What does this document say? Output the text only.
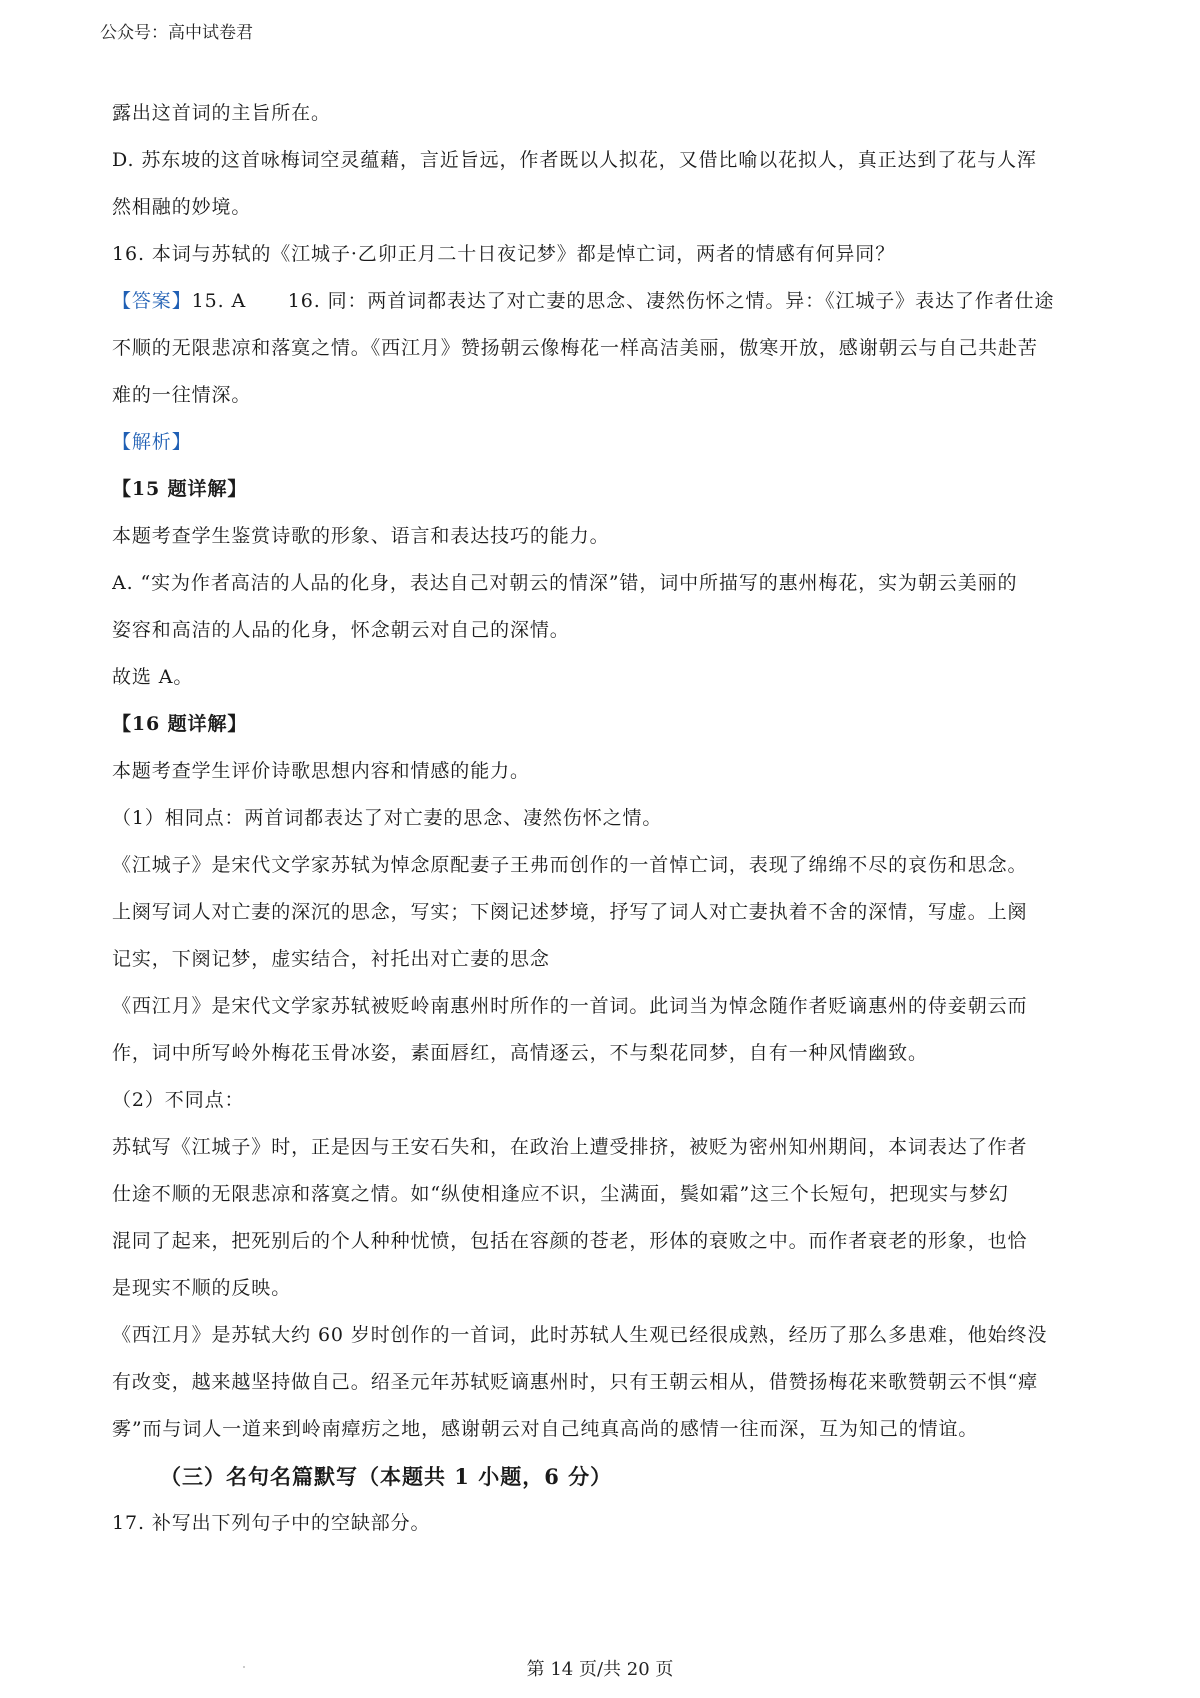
公众号：高中试卷君
露出这首词的主旨所在。
D. 苏东坡的这首咏梅词空灵蕴藉，言近旨远，作者既以人拟花，又借比喻以花拟人，真正达到了花与人浑
然相融的妙境。
16. 本词与苏轼的《江城子·乙卯正月二十日夜记梦》都是悼亡词，两者的情感有何异同？
【答案】15. A      16. 同：两首词都表达了对亡妻的思念、凄然伤怀之情。异：《江城子》表达了作者仕途
不顺的无限悲凉和落寞之情。《西江月》赞扬朝云像梅花一样高洁美丽，傲寒开放，感谢朝云与自己共赴苦
难的一往情深。
【解析】
【15 题详解】
本题考查学生鉴赏诗歌的形象、语言和表达技巧的能力。
A. “实为作者高洁的人品的化身，表达自己对朝云的情深”错，词中所描写的惠州梅花，实为朝云美丽的
姿容和高洁的人品的化身，怀念朝云对自己的深情。
故选 A。
【16 题详解】
本题考查学生评价诗歌思想内容和情感的能力。
（1）相同点：两首词都表达了对亡妻的思念、凄然伤怀之情。
《江城子》是宋代文学家苏轼为悼念原配妻子王弗而创作的一首悼亡词，表现了绵绵不尽的哀伤和思念。
上阕写词人对亡妻的深沉的思念，写实；下阕记述梦境，抒写了词人对亡妻执着不舍的深情，写虚。上阕
记实，下阕记梦，虚实结合，衬托出对亡妻的思念
《西江月》是宋代文学家苏轼被贬岭南惠州时所作的一首词。此词当为悼念随作者贬谪惠州的侍妾朝云而
作，词中所写岭外梅花玉骨冰姿，素面唇红，高情逐云，不与梨花同梦，自有一种风情幽致。
（2）不同点：
苏轼写《江城子》时，正是因与王安石失和，在政治上遭受排挤，被贬为密州知州期间，本词表达了作者
仕途不顺的无限悲凉和落寞之情。如“纵使相逢应不识，尘满面，鬓如霜”这三个长短句，把现实与梦幻
混同了起来，把死别后的个人种种忧愤，包括在容颜的苍老，形体的衰败之中。而作者衰老的形象，也恰
是现实不顺的反映。
《西江月》是苏轼大约 60 岁时创作的一首词，此时苏轼人生观已经很成熟，经历了那么多患难，他始终没
有改变，越来越坚持做自己。绍圣元年苏轼贬谪惠州时，只有王朝云相从，借赞扬梅花来歌赞朝云不惧“瘴
雾”而与词人一道来到岭南瘴疠之地，感谢朝云对自己纯真高尚的感情一往而深，互为知己的情谊。
（三）名句名篇默写（本题共 1 小题，6 分）
17. 补写出下列句子中的空缺部分。
第 14 页/共 20 页
